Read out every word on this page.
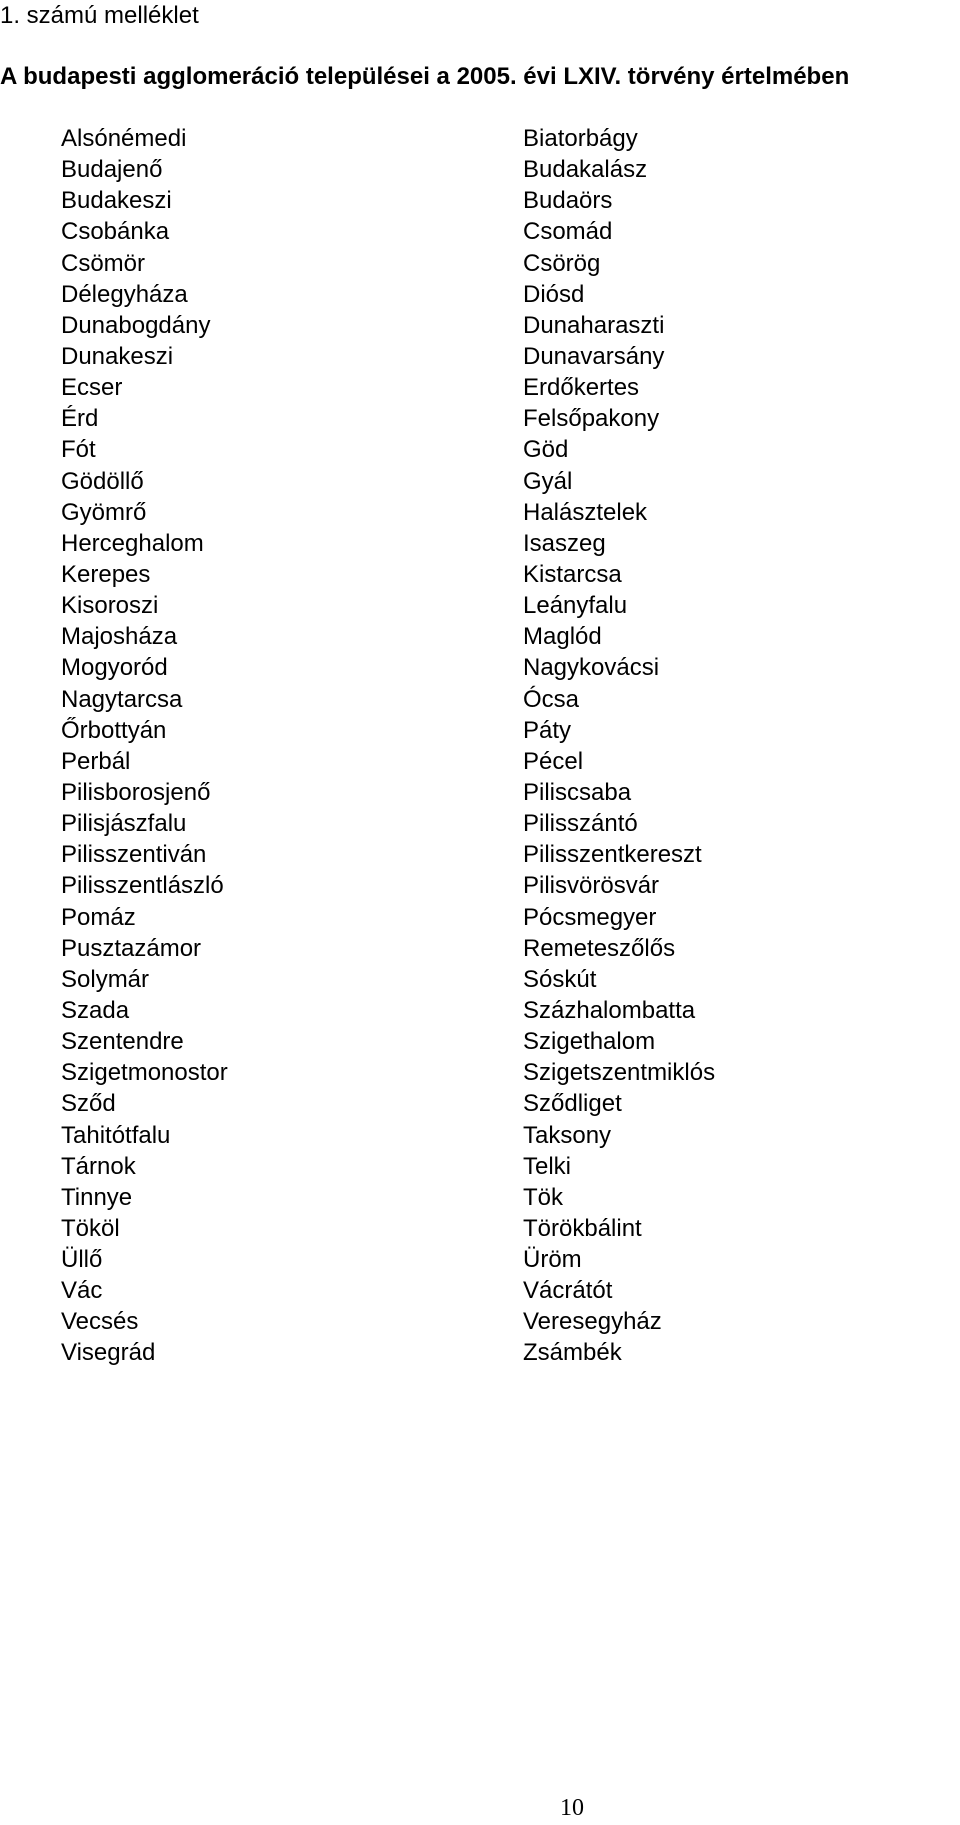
1. számú melléklet
A budapesti agglomeráció települései a 2005. évi LXIV. törvény értelmében
Alsónémedi
Budajenő
Budakeszi
Csobánka
Csömör
Délegyháza
Dunabogdány
Dunakeszi
Ecser
Érd
Fót
Gödöllő
Gyömrő
Herceghalom
Kerepes
Kisoroszi
Majosháza
Mogyoród
Nagytarcsa
Őrbottyán
Perbál
Pilisborosjenő
Pilisjászfalu
Pilisszentiván
Pilisszentlászló
Pomáz
Pusztazámor
Solymár
Szada
Szentendre
Szigetmonostor
Sződ
Tahitótfalu
Tárnok
Tinnye
Tököl
Üllő
Vác
Vecsés
Visegrád
Biatorbágy
Budakalász
Budaörs
Csomád
Csörög
Diósd
Dunaharaszti
Dunavarsány
Erdőkertes
Felsőpakony
Göd
Gyál
Halásztelek
Isaszeg
Kistarcsa
Leányfalu
Maglód
Nagykovácsi
Ócsa
Páty
Pécel
Piliscsaba
Pilisszántó
Pilisszentkereszt
Pilisvörösvár
Pócsmegyer
Remeteszőlős
Sóskút
Százhalombatta
Szigethalom
Szigetszentmiklós
Sződliget
Taksony
Telki
Tök
Törökbálint
Üröm
Vácrátót
Veresegyház
Zsámbék
10
